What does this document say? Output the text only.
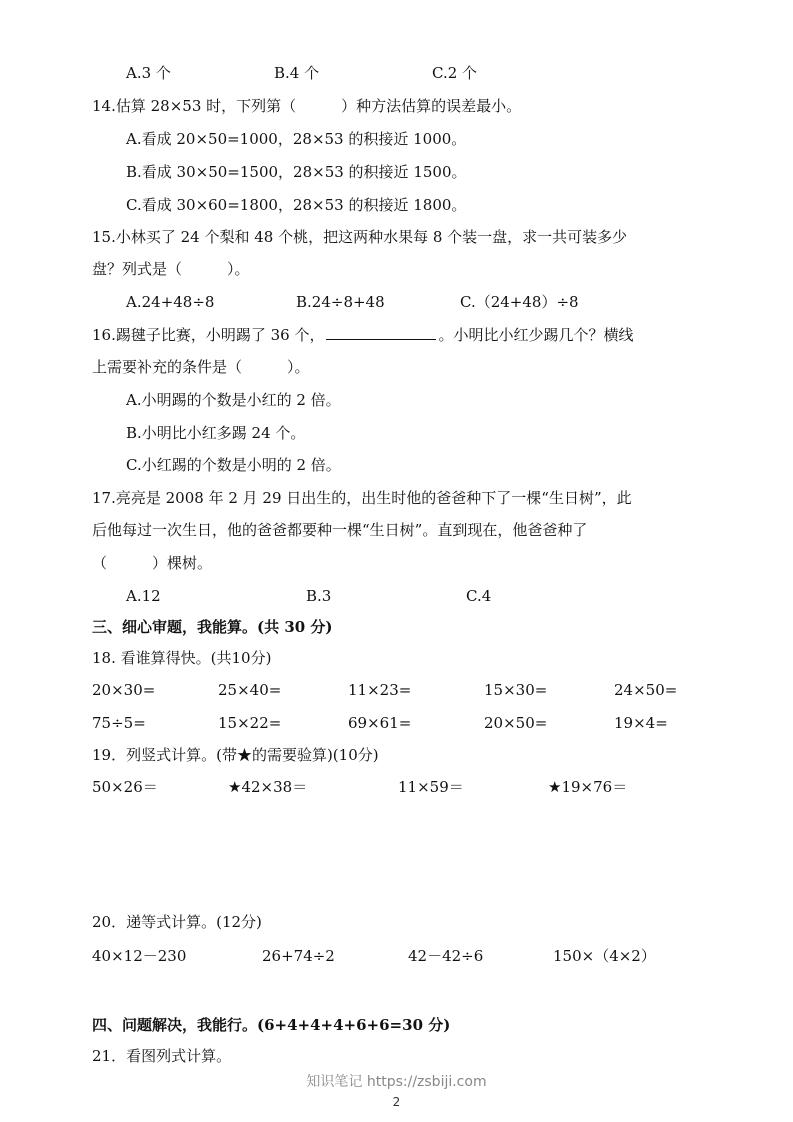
A.3 个	B.4 个	C.2 个
14.估算 28×53 时，下列第（　　　）种方法估算的误差最小。
A.看成 20×50=1000，28×53 的积接近 1000。
B.看成 30×50=1500，28×53 的积接近 1500。
C.看成 30×60=1800，28×53 的积接近 1800。
15.小林买了 24 个梨和 48 个桃，把这两种水果每 8 个装一盘，求一共可装多少
盘？列式是（　　　）。
A.24+48÷8	B.24÷8+48	C.（24+48）÷8
16.踢毽子比赛，小明踢了 36 个，	。小明比小红少踢几个？横线
上需要补充的条件是（　　　）。
A.小明踢的个数是小红的 2 倍。
B.小明比小红多踢 24 个。
C.小红踢的个数是小明的 2 倍。
17.亮亮是 2008 年 2 月 29 日出生的，出生时他的爸爸种下了一棵“生日树”，此
后他每过一次生日，他的爸爸都要种一棵“生日树”。直到现在，他爸爸种了
（　　　）棵树。
A.12	B.3	C.4
三、细心审题，我能算。(共 30 分)
18. 看谁算得快。(共10分)
20×30=	25×40=	11×23=	15×30=	24×50=
75÷5=	15×22=	69×61=	20×50=	19×4=
19．列竖式计算。(带★的需要验算)(10分)
50×26＝	★42×38＝	11×59＝	★19×76＝
20．递等式计算。(12分)
40×12－230	26+74÷2	42－42÷6	150×（4×2）
四、问题解决，我能行。(6+4+4+4+6+6=30 分)
21．看图列式计算。
知识笔记 https://zsbiji.com
2
